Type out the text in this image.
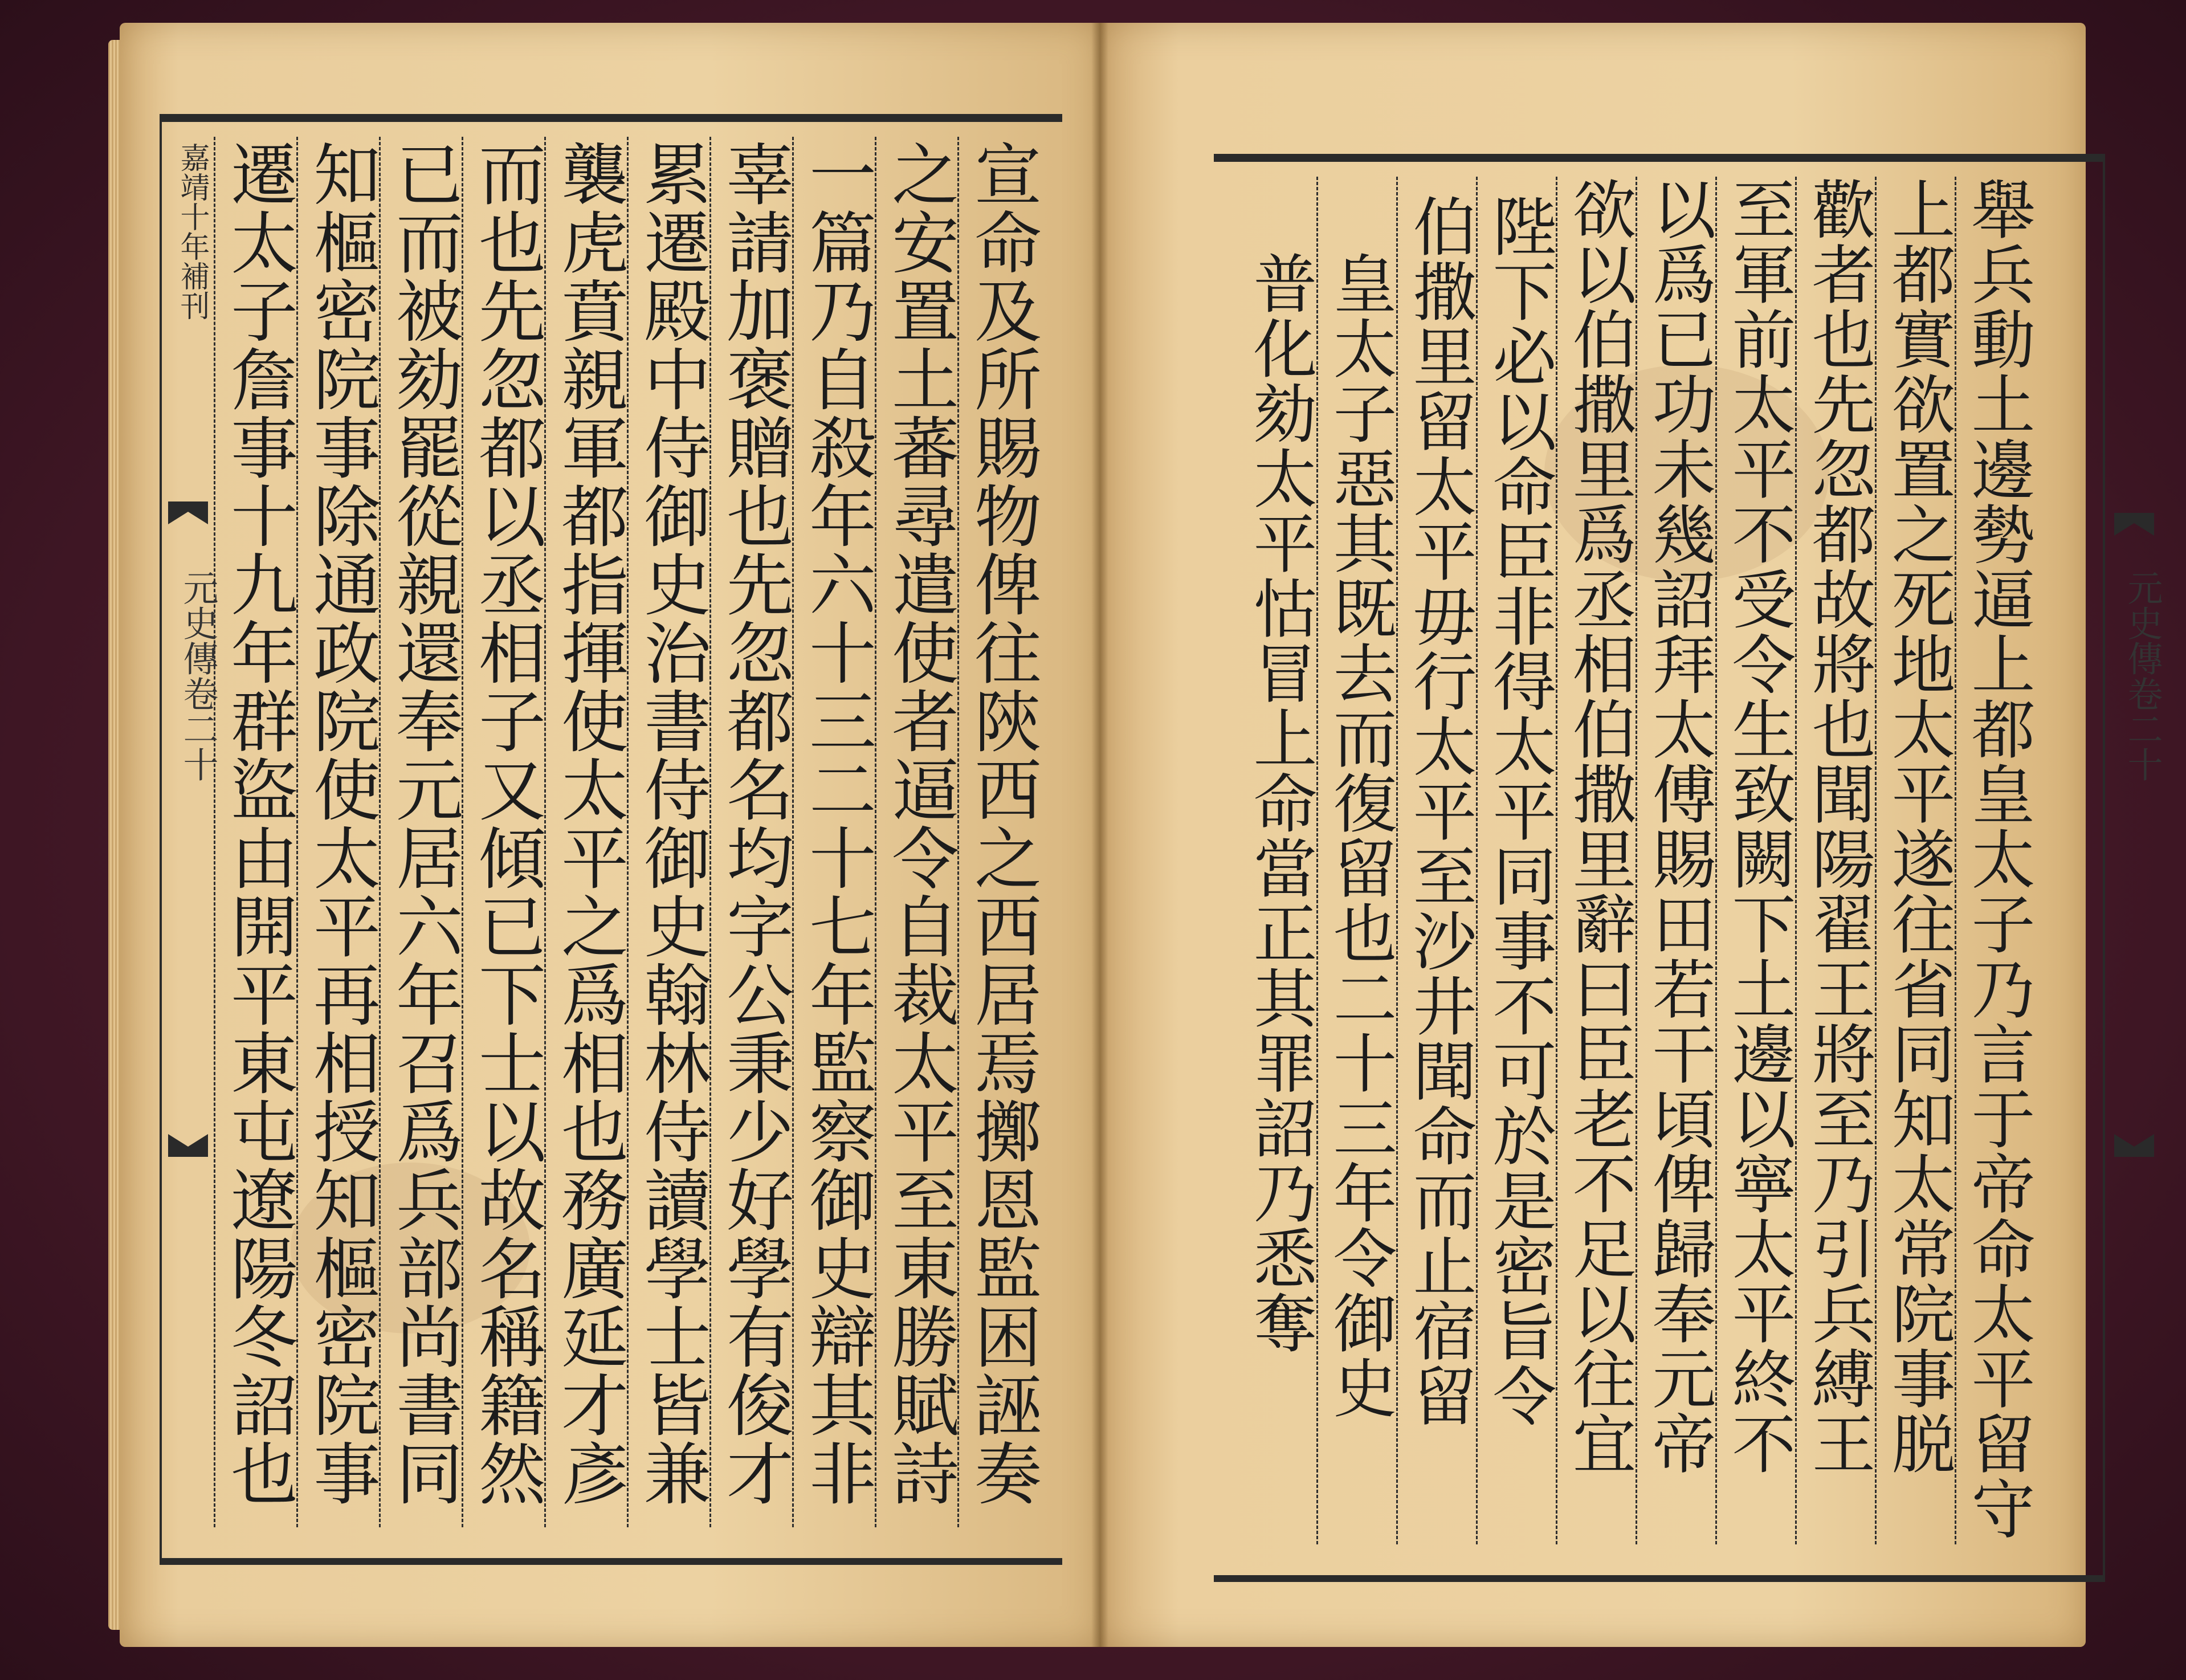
嘉靖十年補刊
元史傳卷二十	宣命及所賜物俾往陝西之西居焉擲恩監困誣奏
之安置土蕃尋遣使者逼令自裁太平至東勝賦詩
一篇乃自殺年六十三二十七年監察御史辯其非
辜請加褒贈也先忽都名均字公秉少好學有俊才
累遷殿中侍御史治書侍御史翰林侍讀學士皆兼
襲虎賁親軍都指揮使太平之爲相也務廣延才彥
而也先忽都以丞相子又傾已下士以故名稱籍然
已而被劾罷從親還奉元居六年召爲兵部尚書同
知樞密院事除通政院使太平再相授知樞密院事
遷太子詹事十九年群盜由開平東屯遼陽冬詔也	舉兵動土邊勢逼上都皇太子乃言于帝命太平留守
上都實欲置之死地太平遂往省同知太常院事脱
歡者也先忽都故將也聞陽翟王將至乃引兵縛王
至軍前太平不受令生致闕下土邊以寧太平終不
以爲已功未幾詔拜太傅賜田若干頃俾歸奉元帝
欲以伯撒里爲丞相伯撒里辭曰臣老不足以往宜
陛下必以命臣非得太平同事不可於是密旨令
伯撒里留太平毋行太平至沙井聞命而止宿留
皇太子惡其既去而復留也二十三年令御史
普化劾太平怙冒上命當正其罪詔乃悉奪	元史傳卷二十
